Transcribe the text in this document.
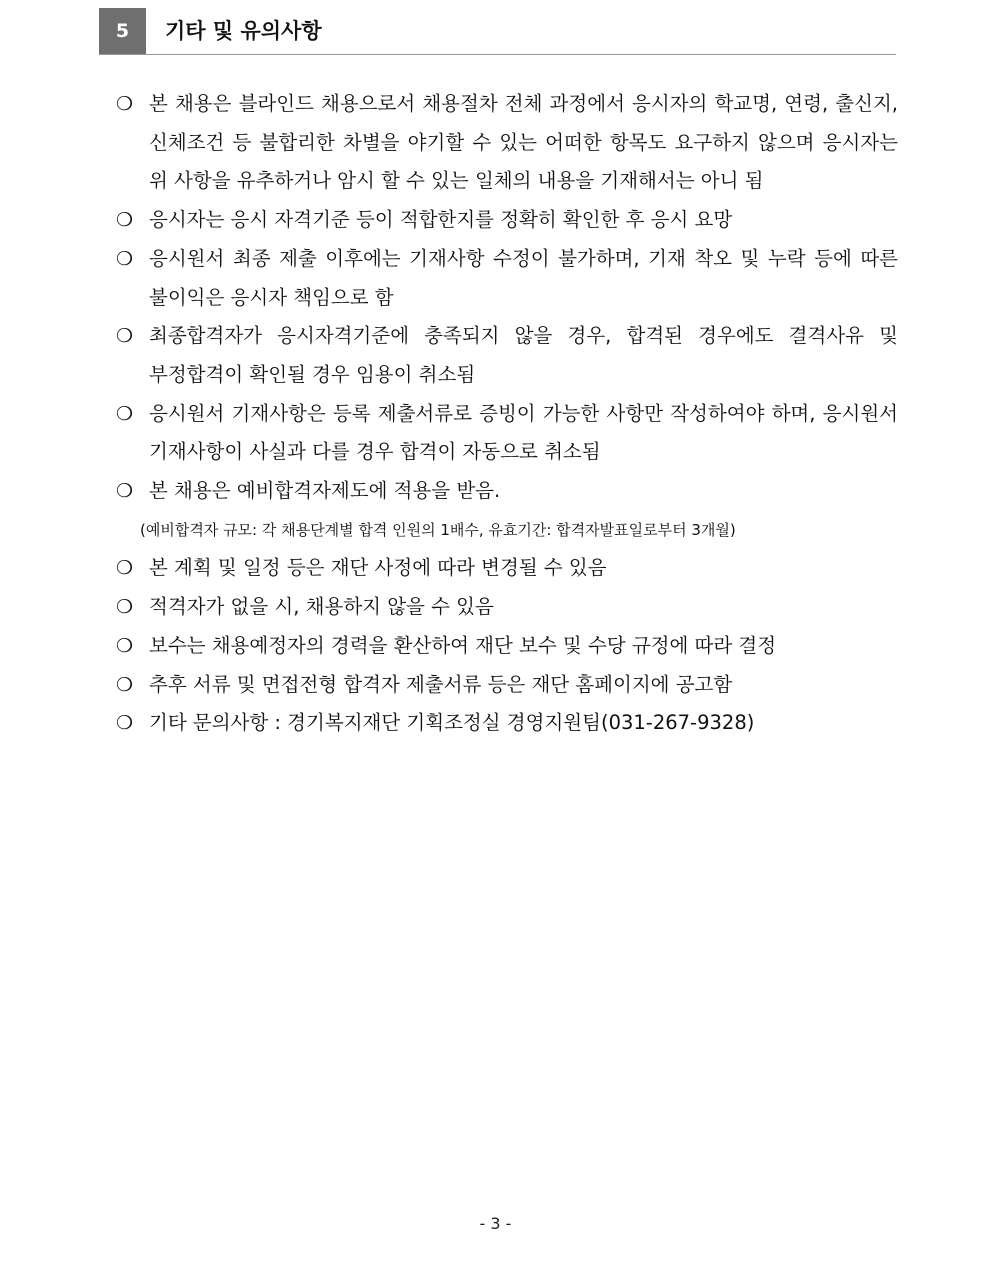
5	기타 및 유의사항
❍ 본 채용은 블라인드 채용으로서 채용절차 전체 과정에서 응시자의 학교명, 연령, 출신지, 신체조건 등 불합리한 차별을 야기할 수 있는 어떠한 항목도 요구하지 않으며 응시자는 위 사항을 유추하거나 암시 할 수 있는 일체의 내용을 기재해서는 아니 됨
❍ 응시자는 응시 자격기준 등이 적합한지를 정확히 확인한 후 응시 요망
❍ 응시원서 최종 제출 이후에는 기재사항 수정이 불가하며, 기재 착오 및 누락 등에 따른 불이익은 응시자 책임으로 함
❍ 최종합격자가 응시자격기준에 충족되지 않을 경우, 합격된 경우에도 결격사유 및 부정합격이 확인될 경우 임용이 취소됨
❍ 응시원서 기재사항은 등록 제출서류로 증빙이 가능한 사항만 작성하여야 하며, 응시원서 기재사항이 사실과 다를 경우 합격이 자동으로 취소됨
❍ 본 채용은 예비합격자제도에 적용을 받음.
(예비합격자 규모: 각 채용단계별 합격 인원의 1배수, 유효기간: 합격자발표일로부터 3개월)
❍ 본 계획 및 일정 등은 재단 사정에 따라 변경될 수 있음
❍ 적격자가 없을 시, 채용하지 않을 수 있음
❍ 보수는 채용예정자의 경력을 환산하여 재단 보수 및 수당 규정에 따라 결정
❍ 추후 서류 및 면접전형 합격자 제출서류 등은 재단 홈페이지에 공고함
❍ 기타 문의사항 : 경기복지재단 기획조정실 경영지원팀(031-267-9328)
- 3 -
